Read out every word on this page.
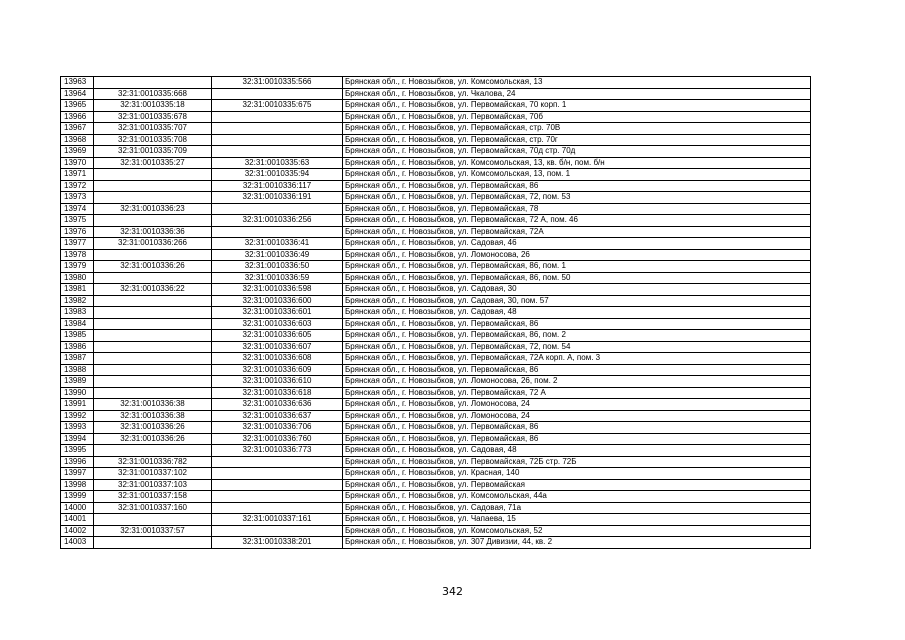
13963		32:31:0010335:566	Брянская обл., г. Новозыбков, ул. Комсомольская, 13
13964	32:31:0010335:668		Брянская обл., г. Новозыбков, ул. Чкалова, 24
13965	32:31:0010335:18	32:31:0010335:675	Брянская обл., г. Новозыбков, ул. Первомайская, 70 корп. 1
13966	32:31:0010335:678		Брянская обл., г. Новозыбков, ул. Первомайская, 70б
13967	32:31:0010335:707		Брянская обл., г. Новозыбков, ул. Первомайская, стр. 70В
13968	32:31:0010335:708		Брянская обл., г. Новозыбков, ул. Первомайская, стр. 70г
13969	32:31:0010335:709		Брянская обл., г. Новозыбков, ул. Первомайская, 70д стр. 70д
13970	32:31:0010335:27	32:31:0010335:63	Брянская обл., г. Новозыбков, ул. Комсомольская, 13, кв. б/н, пом. б/н
13971		32:31:0010335:94	Брянская обл., г. Новозыбков, ул. Комсомольская, 13, пом. 1
13972		32:31:0010336:117	Брянская обл., г. Новозыбков, ул. Первомайская, 86
13973		32:31:0010336:191	Брянская обл., г. Новозыбков, ул. Первомайская, 72, пом. 53
13974	32:31:0010336:23		Брянская обл., г. Новозыбков, ул. Первомайская, 78
13975		32:31:0010336:256	Брянская обл., г. Новозыбков, ул. Первомайская, 72 А, пом. 46
13976	32:31:0010336:36		Брянская обл., г. Новозыбков, ул. Первомайская, 72А
13977	32:31:0010336:266	32:31:0010336:41	Брянская обл., г. Новозыбков, ул. Садовая, 46
13978		32:31:0010336:49	Брянская обл., г. Новозыбков, ул. Ломоносова, 26
13979	32:31:0010336:26	32:31:0010336:50	Брянская обл., г. Новозыбков, ул. Первомайская, 86, пом. 1
13980		32:31:0010336:59	Брянская обл., г. Новозыбков, ул. Первомайская, 86, пом. 50
13981	32:31:0010336:22	32:31:0010336:598	Брянская обл., г. Новозыбков, ул. Садовая, 30
13982		32:31:0010336:600	Брянская обл., г. Новозыбков, ул. Садовая, 30, пом. 57
13983		32:31:0010336:601	Брянская обл., г. Новозыбков, ул. Садовая, 48
13984		32:31:0010336:603	Брянская обл., г. Новозыбков, ул. Первомайская, 86
13985		32:31:0010336:605	Брянская обл., г. Новозыбков, ул. Первомайская, 86, пом. 2
13986		32:31:0010336:607	Брянская обл., г. Новозыбков, ул. Первомайская, 72, пом. 54
13987		32:31:0010336:608	Брянская обл., г. Новозыбков, ул. Первомайская, 72А корп. А, пом. 3
13988		32:31:0010336:609	Брянская обл., г. Новозыбков, ул. Первомайская, 86
13989		32:31:0010336:610	Брянская обл., г. Новозыбков, ул. Ломоносова, 26, пом. 2
13990		32:31:0010336:618	Брянская обл., г. Новозыбков, ул. Первомайская, 72 А
13991	32:31:0010336:38	32:31:0010336:636	Брянская обл., г. Новозыбков, ул. Ломоносова, 24
13992	32:31:0010336:38	32:31:0010336:637	Брянская обл., г. Новозыбков, ул. Ломоносова, 24
13993	32:31:0010336:26	32:31:0010336:706	Брянская обл., г. Новозыбков, ул. Первомайская, 86
13994	32:31:0010336:26	32:31:0010336:760	Брянская обл., г. Новозыбков, ул. Первомайская, 86
13995		32:31:0010336:773	Брянская обл., г. Новозыбков, ул. Садовая, 48
13996	32:31:0010336:782		Брянская обл., г. Новозыбков, ул. Первомайская, 72Б стр. 72Б
13997	32:31:0010337:102		Брянская обл., г. Новозыбков, ул. Красная, 140
13998	32:31:0010337:103		Брянская обл., г. Новозыбков, ул. Первомайская
13999	32:31:0010337:158		Брянская обл., г. Новозыбков, ул. Комсомольская, 44а
14000	32:31:0010337:160		Брянская обл., г. Новозыбков, ул. Садовая, 71а
14001		32:31:0010337:161	Брянская обл., г. Новозыбков, ул. Чапаева, 15
14002	32:31:0010337:57		Брянская обл., г. Новозыбков, ул. Комсомольская, 52
14003		32:31:0010338:201	Брянская обл., г. Новозыбков, ул. 307 Дивизии, 44, кв. 2
342
